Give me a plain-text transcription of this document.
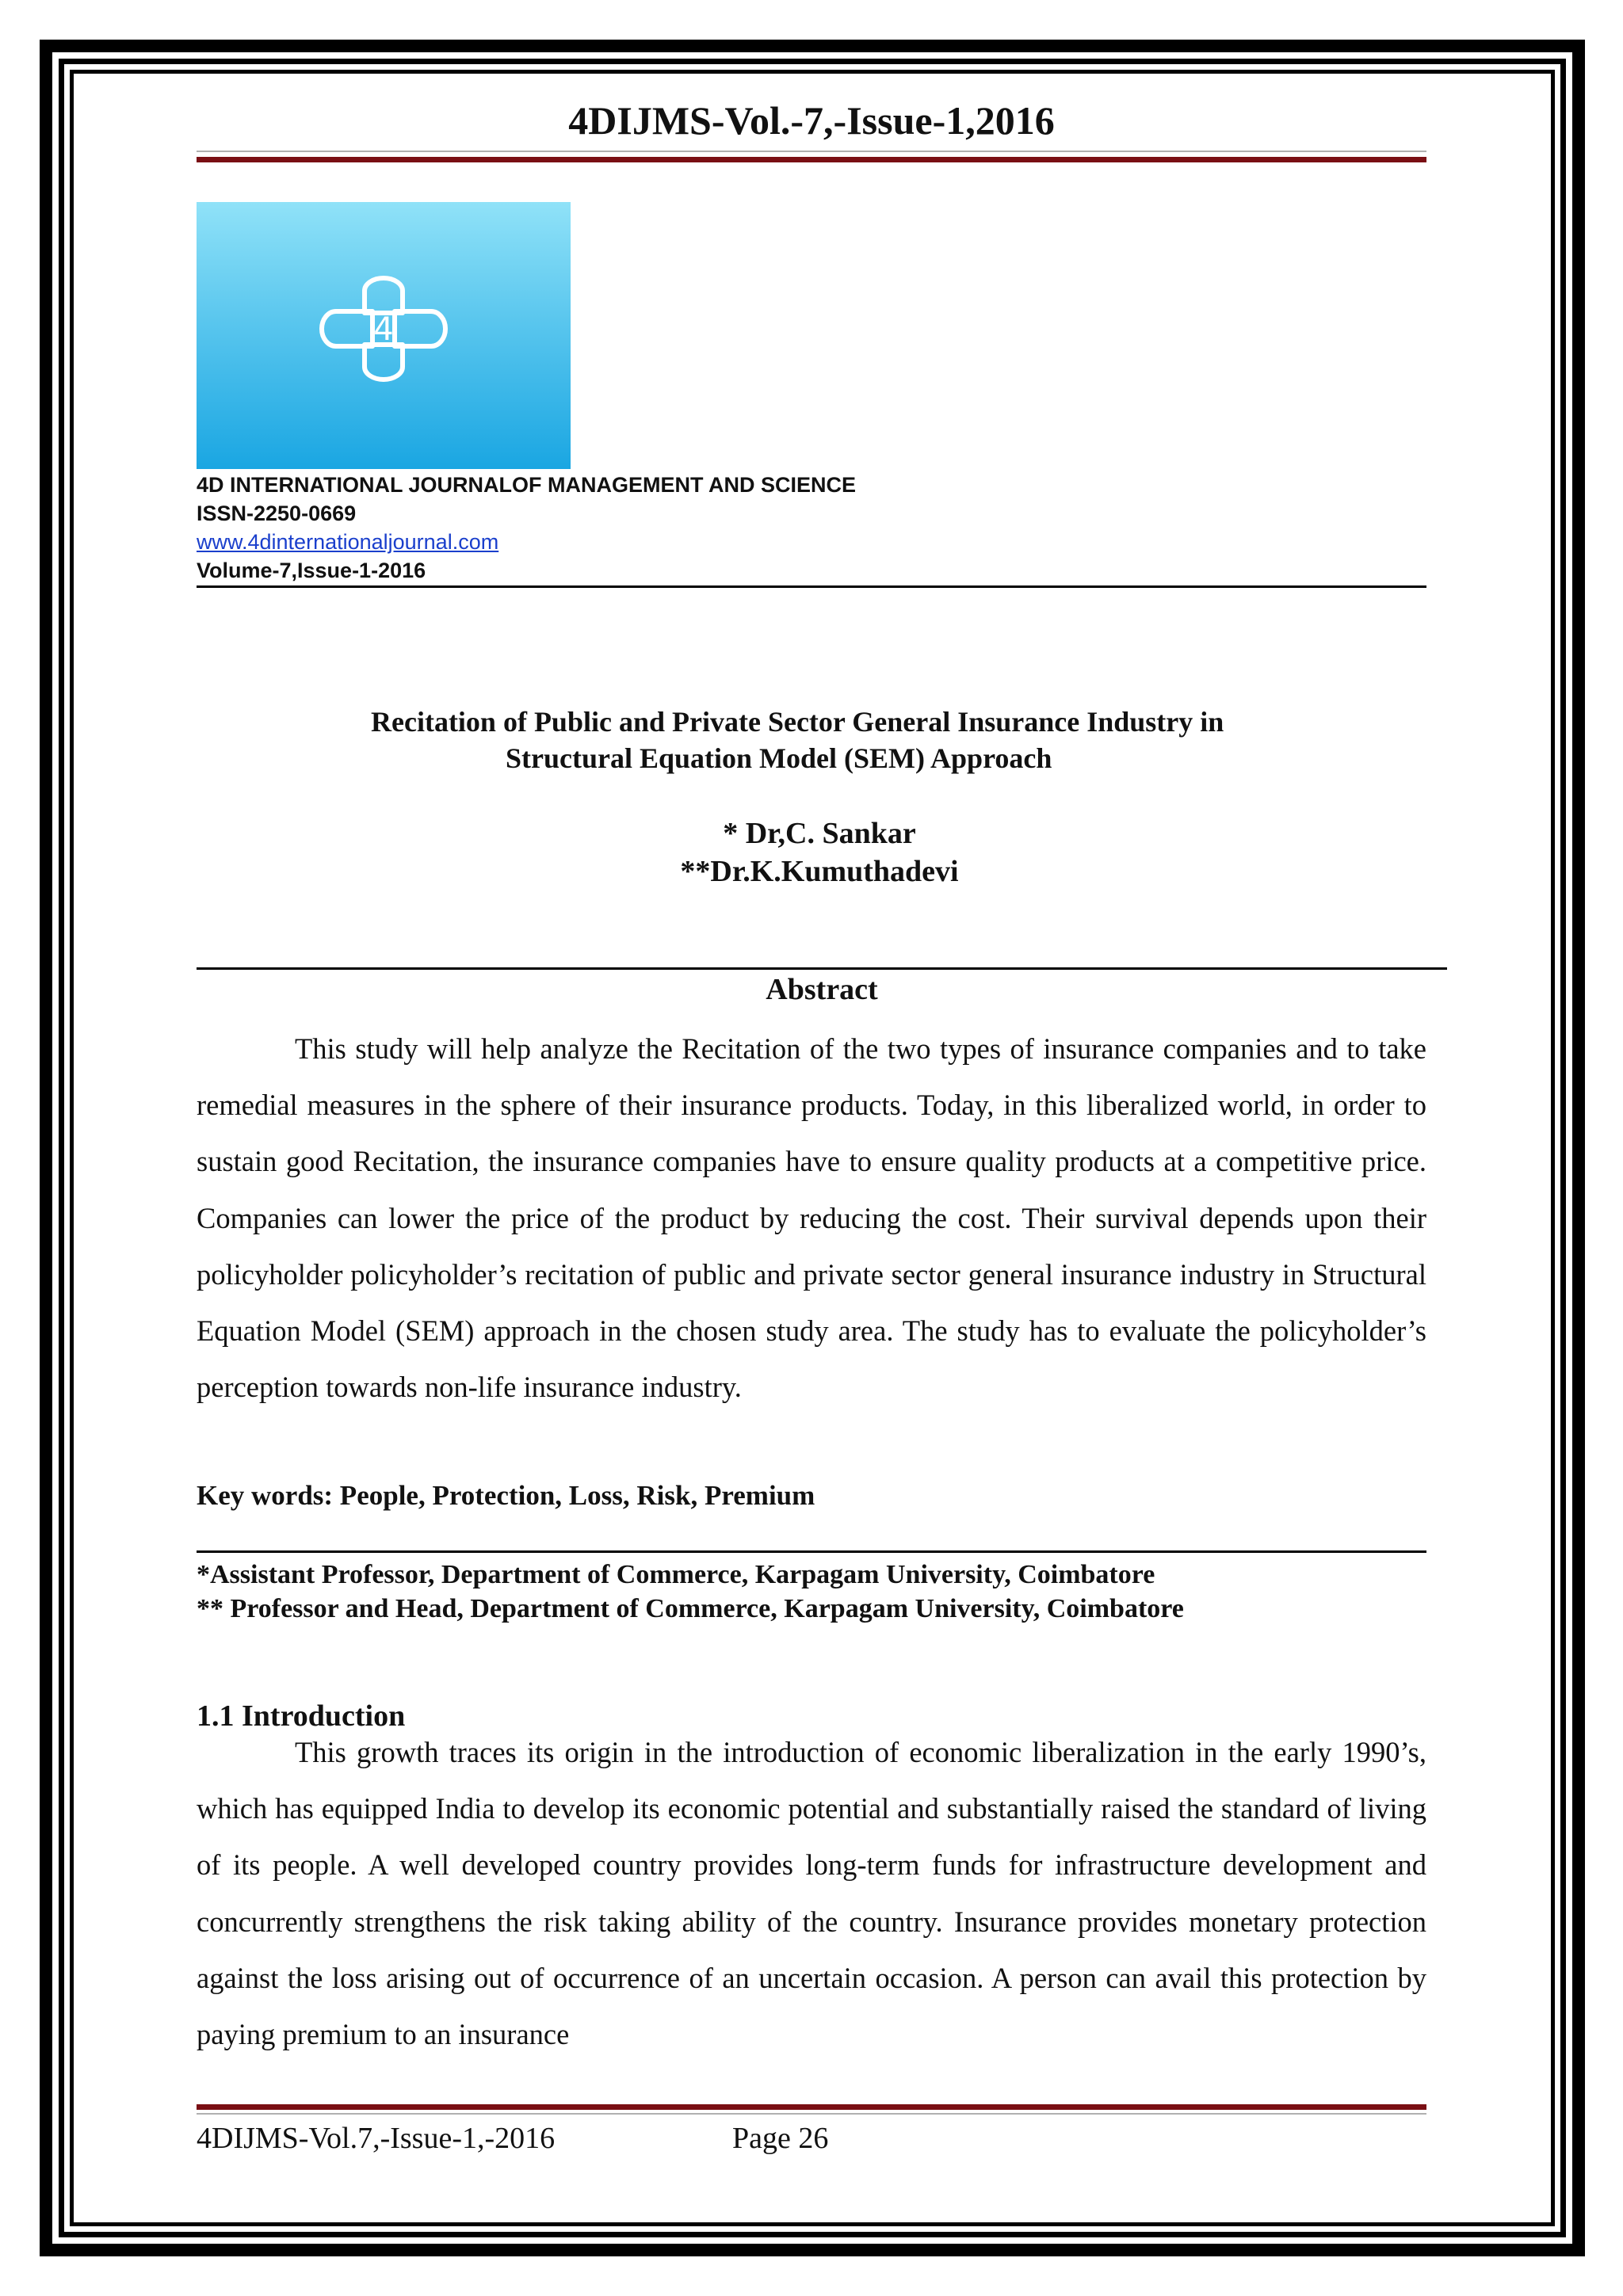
4DIJMS-Vol.-7,-Issue-1,2016
4
4D INTERNATIONAL JOURNALOF MANAGEMENT AND SCIENCE
ISSN-2250-0669
www.4dinternationaljournal.com
Volume-7,Issue-1-2016
Recitation of Public and Private Sector General Insurance Industry in
Structural Equation Model (SEM) Approach
* Dr,C. Sankar
**Dr.K.Kumuthadevi
Abstract
This study will help analyze the Recitation of the two types of insurance companies and to take remedial measures in the sphere of their insurance products. Today, in this liberalized world, in order to sustain good Recitation, the insurance companies have to ensure quality products at a competitive price. Companies can lower the price of the product by reducing the cost. Their survival depends upon their policyholder policyholder’s recitation of public and private sector general insurance industry in Structural Equation Model (SEM) approach in the chosen study area. The study has to evaluate the policyholder’s perception towards non-life insurance industry.
Key words: People, Protection, Loss, Risk, Premium
*Assistant Professor, Department of Commerce, Karpagam University, Coimbatore
** Professor and Head, Department of Commerce, Karpagam University, Coimbatore
1.1 Introduction
This growth traces its origin in the introduction of economic liberalization in the early 1990’s, which has equipped India to develop its economic potential and substantially raised the standard of living of its people. A well developed country provides long-term funds for infrastructure development and concurrently strengthens the risk taking ability of the country. Insurance provides monetary protection against the loss arising out of occurrence of an uncertain occasion. A person can avail this protection by paying premium to an insurance
4DIJMS-Vol.7,-Issue-1,-2016	Page 26
